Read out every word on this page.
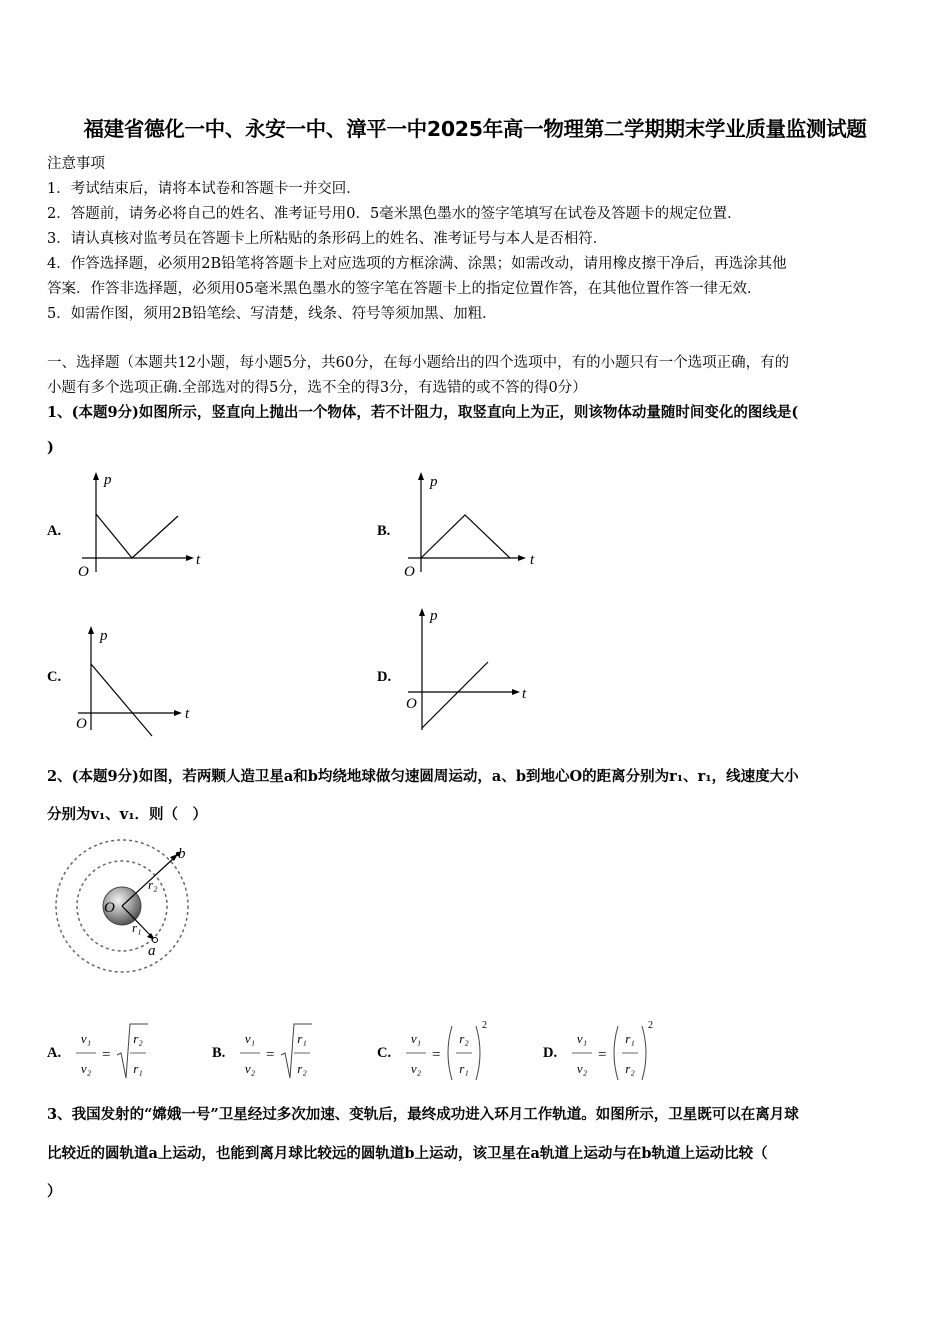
福建省德化一中、永安一中、漳平一中2025年高一物理第二学期期末学业质量监测试题
注意事项
1．考试结束后，请将本试卷和答题卡一并交回．
2．答题前，请务必将自己的姓名、准考证号用0．5毫米黑色墨水的签字笔填写在试卷及答题卡的规定位置．
3．请认真核对监考员在答题卡上所粘贴的条形码上的姓名、准考证号与本人是否相符．
4．作答选择题，必须用2B铅笔将答题卡上对应选项的方框涂满、涂黑；如需改动，请用橡皮擦干净后，再选涂其他
答案．作答非选择题，必须用05毫米黑色墨水的签字笔在答题卡上的指定位置作答，在其他位置作答一律无效．
5．如需作图，须用2B铅笔绘、写清楚，线条、符号等须加黑、加粗．
一、选择题（本题共12小题，每小题5分，共60分，在每小题给出的四个选项中，有的小题只有一个选项正确，有的
小题有多个选项正确.全部选对的得5分，选不全的得3分，有选错的或不答的得0分）
1、(本题9分)如图所示，竖直向上抛出一个物体，若不计阻力，取竖直向上为正，则该物体动量随时间变化的图线是(
)
A.
p
t
O
B.
p
t
O
C.
p
t
O
D.
p
t
O
2、(本题9分)如图，若两颗人造卫星a和b均绕地球做匀速圆周运动，a、b到地心O的距离分别为r₁、r₁，线速度大小
分别为v₁、v₁．则（　）
b
a
O
r₂
r₁
A.
v₁
v₂
=
r₂
r₁
B.
v₁
v₂
=
r₁
r₂
C.
v₁
v₂
=
r₂
r₁
2
D.
v₁
v₂
=
r₁
r₂
2
3、我国发射的“嫦娥一号”卫星经过多次加速、变轨后，最终成功进入环月工作轨道。如图所示，卫星既可以在离月球
比较近的圆轨道a上运动，也能到离月球比较远的圆轨道b上运动，该卫星在a轨道上运动与在b轨道上运动比较（
）
